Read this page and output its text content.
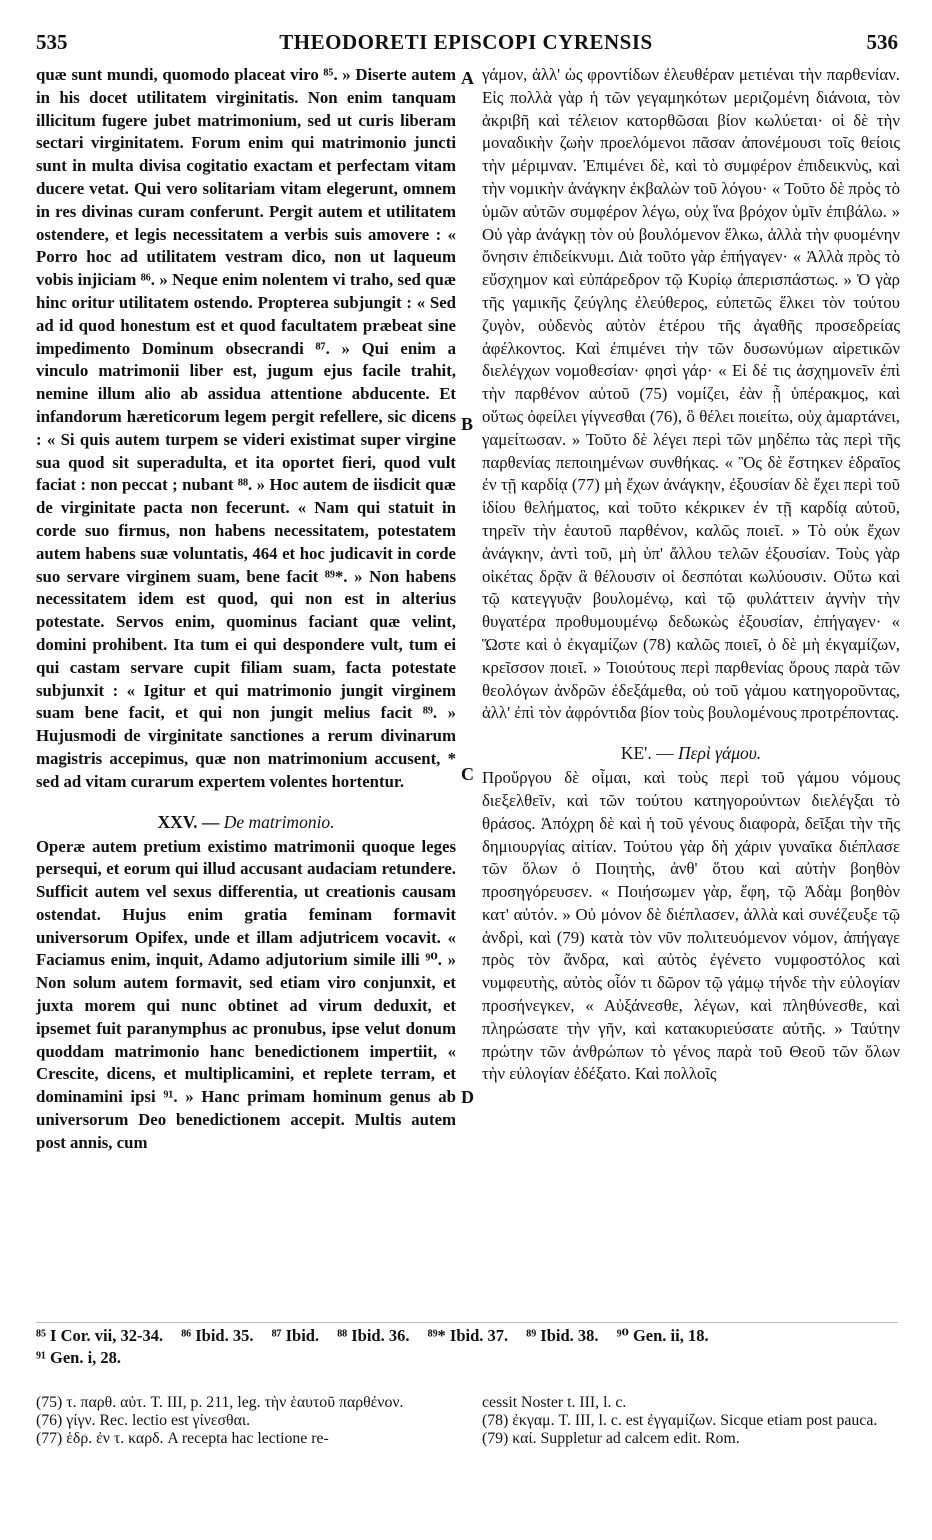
535	THEODORETI EPISCOPI CYRENSIS	536

quæ sunt mundi, quomodo placeat viro ⁸⁵. » Diserte autem in his docet utilitatem virginitatis. Non enim tanquam illicitum fugere jubet matrimonium, sed ut curis liberam sectari virginitatem. Forum enim qui matrimonio juncti sunt in multa divisa cogitatio exactam et perfectam vitam ducere vetat. Qui vero solitariam vitam elegerunt, omnem in res divinas curam conferunt. Pergit autem et utilitatem ostendere, et legis necessitatem a verbis suis amovere : « Porro hoc ad utilitatem vestram dico, non ut laqueum vobis injiciam ⁸⁶. » Neque enim nolentem vi traho, sed quæ hinc oritur utilitatem ostendo. Propterea subjungit : « Sed ad id quod honestum est et quod facultatem præbeat sine impedimento Dominum obsecrandi ⁸⁷. » Qui enim a vinculo matrimonii liber est, jugum ejus facile trahit, nemine illum alio ab assidua attentione abducente. Et infandorum hæreticorum legem pergit refellere, sic dicens : « Si quis autem turpem se videri existimat super virgine sua quod sit superadulta, et ita oportet fieri, quod vult faciat : non peccat ; nubant ⁸⁸. » Hoc autem de iisdicit quæ de virginitate pacta non fecerunt. « Nam qui statuit in corde suo firmus, non habens necessitatem, potestatem autem habens suæ voluntatis, 464 et hoc judicavit in corde suo servare virginem suam, bene facit ⁸⁹*. » Non habens necessitatem idem est quod, qui non est in alterius potestate. Servos enim, quominus faciant quæ velint, domini prohibent. Ita tum ei qui despondere vult, tum ei qui castam servare cupit filiam suam, facta potestate subjunxit : « Igitur et qui matrimonio jungit virginem suam bene facit, et qui non jungit melius facit ⁸⁹. » Hujusmodi de virginitate sanctiones a rerum divinarum magistris accepimus, quæ non matrimonium accusent, * sed ad vitam curarum expertem volentes hortentur.

XXV. — De matrimonio.

Operæ autem pretium existimo matrimonii quoque leges persequi, et eorum qui illud accusant audaciam retundere. Sufficit autem vel sexus differentia, ut creationis causam ostendat. Hujus enim gratia feminam formavit universorum Opifex, unde et illam adjutricem vocavit. « Faciamus enim, inquit, Adamo adjutorium simile illi ⁹⁰. » Non solum autem formavit, sed etiam viro conjunxit, et juxta morem qui nunc obtinet ad virum deduxit, et ipsemet fuit paranymphus ac pronubus, ipse velut donum quoddam matrimonio hanc benedictionem impertiit, « Crescite, dicens, et multiplicamini, et replete terram, et dominamini ipsi ⁹¹. » Hanc primam hominum genus ab universorum Deo benedictionem accepit. Multis autem post annis, cum

A
B
C
D

γάμον, ἀλλ' ὡς φροντίδων ἐλευθέραν μετιέναι τὴν παρθενίαν. Εἰς πολλὰ γὰρ ἡ τῶν γεγαμηκότων μεριζομένη διάνοια, τὸν ἀκριβῆ καὶ τέλειον κατορθῶσαι βίον κωλύεται· οἱ δὲ τὴν μοναδικὴν ζωὴν προελόμενοι πᾶσαν ἀπονέμουσι τοῖς θείοις τὴν μέριμναν. Ἐπιμένει δὲ, καὶ τὸ συμφέρον ἐπιδεικνὺς, καὶ τὴν νομικὴν ἀνάγκην ἐκβαλὼν τοῦ λόγου· « Τοῦτο δὲ πρὸς τὸ ὑμῶν αὐτῶν συμφέρον λέγω, οὐχ ἵνα βρόχον ὑμῖν ἐπιβάλω. » Οὐ γὰρ ἀνάγκῃ τὸν οὐ βουλόμενον ἕλκω, ἀλλὰ τὴν φυομένην ὄνησιν ἐπιδείκνυμι. Διὰ τοῦτο γὰρ ἐπήγαγεν· « Ἀλλὰ πρὸς τὸ εὔσχημον καὶ εὐπάρεδρον τῷ Κυρίῳ ἀπερισπάστως. » Ὁ γὰρ τῆς γαμικῆς ζεύγλης ἐλεύθερος, εὐπετῶς ἕλκει τὸν τούτου ζυγὸν, οὐδενὸς αὐτὸν ἑτέρου τῆς ἀγαθῆς προσεδρείας ἀφέλκοντος. Καὶ ἐπιμένει τὴν τῶν δυσωνύμων αἱρετικῶν διελέγχων νομοθεσίαν· φησὶ γάρ· « Εἰ δέ τις ἀσχημονεῖν ἐπὶ τὴν παρθένον αὐτοῦ (75) νομίζει, ἐὰν ᾖ ὑπέρακμος, καὶ οὕτως ὀφείλει γίγνεσθαι (76), ὃ θέλει ποιείτω, οὐχ ἁμαρτάνει, γαμείτωσαν. » Τοῦτο δὲ λέγει περὶ τῶν μηδέπω τὰς περὶ τῆς παρθενίας πεποιημένων συνθήκας. « Ὃς δὲ ἕστηκεν ἑδραῖος ἐν τῇ καρδίᾳ (77) μὴ ἔχων ἀνάγκην, ἐξουσίαν δὲ ἔχει περὶ τοῦ ἰδίου θελήματος, καὶ τοῦτο κέκρικεν ἐν τῇ καρδίᾳ αὐτοῦ, τηρεῖν τὴν ἑαυτοῦ παρθένον, καλῶς ποιεῖ. » Τὸ οὐκ ἔχων ἀνάγκην, ἀντὶ τοῦ, μὴ ὑπ' ἄλλου τελῶν ἐξουσίαν. Τοὺς γὰρ οἰκέτας δρᾷν ἃ θέλουσιν οἱ δεσπόται κωλύουσιν. Οὕτω καὶ τῷ κατεγγυᾷν βουλομένῳ, καὶ τῷ φυλάττειν ἁγνὴν τὴν θυγατέρα προθυμουμένῳ δεδωκὼς ἐξουσίαν, ἐπήγαγεν· « Ὥστε καὶ ὁ ἐκγαμίζων (78) καλῶς ποιεῖ, ὁ δὲ μὴ ἐκγαμίζων, κρεῖσσον ποιεῖ. » Τοιούτους περὶ παρθενίας ὅρους παρὰ τῶν θεολόγων ἀνδρῶν ἐδεξάμεθα, οὐ τοῦ γάμου κατηγοροῦντας, ἀλλ' ἐπὶ τὸν ἀφρόντιδα βίον τοὺς βουλομένους προτρέποντας.

ΚΕ'. — Περὶ γάμου.

Προὔργου δὲ οἶμαι, καὶ τοὺς περὶ τοῦ γάμου νόμους διεξελθεῖν, καὶ τῶν τούτου κατηγορούντων διελέγξαι τὸ θράσος. Ἀπόχρη δὲ καὶ ἡ τοῦ γένους διαφορὰ, δεῖξαι τὴν τῆς δημιουργίας αἰτίαν. Τούτου γὰρ δὴ χάριν γυναῖκα διέπλασε τῶν ὅλων ὁ Ποιητὴς, ἀνθ' ὅτου καὶ αὐτὴν βοηθὸν προσηγόρευσεν. « Ποιήσωμεν γὰρ, ἔφη, τῷ Ἀδὰμ βοηθὸν κατ' αὐτόν. » Οὐ μόνον δὲ διέπλασεν, ἀλλὰ καὶ συνέζευξε τῷ ἀνδρὶ, καὶ (79) κατὰ τὸν νῦν πολιτευόμενον νόμον, ἀπήγαγε πρὸς τὸν ἄνδρα, καὶ αὐτὸς ἐγένετο νυμφοστόλος καὶ νυμφευτὴς, αὐτὸς οἷόν τι δῶρον τῷ γάμῳ τήνδε τὴν εὐλογίαν προσήνεγκεν, « Αὐξάνεσθε, λέγων, καὶ πληθύνεσθε, καὶ πληρώσατε τὴν γῆν, καὶ κατακυριεύσατε αὐτῆς. » Ταύτην πρώτην τῶν ἀνθρώπων τὸ γένος παρὰ τοῦ Θεοῦ τῶν ὅλων τὴν εὐλογίαν ἐδέξατο. Καὶ πολλοῖς

⁸⁵ I Cor. vii, 32-34. ⁸⁶ Ibid. 35. ⁸⁷ Ibid. ⁸⁸ Ibid. 36. ⁸⁹* Ibid. 37. ⁸⁹ Ibid. 38. ⁹⁰ Gen. ii, 18.
⁹¹ Gen. i, 28.

(75) τ. παρθ. αὐτ. T. III, p. 211, leg. τὴν ἑαυτοῦ παρθένον.

(76) γίγν. Rec. lectio est γίνεσθαι.

(77) ἑδρ. ἐν τ. καρδ. A recepta hac lectione re-

cessit Noster t. III, l. c.

(78) ἐκγαμ. T. III, l. c. est ἐγγαμίζων. Sicque etiam post pauca.

(79) καί. Suppletur ad calcem edit. Rom.
